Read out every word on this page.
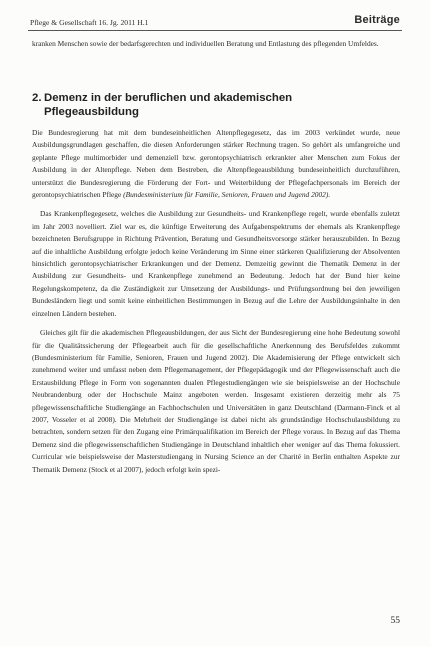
Pflege & Gesellschaft 16. Jg. 2011 H.1	Beiträge
kranken Menschen sowie der bedarfsgerechten und individuellen Beratung und Entlastung des pflegenden Umfeldes.
2. Demenz in der beruflichen und akademischen
Pflegeausbildung

Die Bundesregierung hat mit dem bundeseinheitlichen Altenpflegegesetz, das im 2003 verkündet wurde, neue Ausbildungsgrundlagen geschaffen, die diesen Anforderungen stärker Rechnung tragen. So gehört als umfangreiche und geplante Pflege multimorbider und demenziell bzw. gerontopsychiatrisch erkrankter alter Menschen zum Fokus der Ausbildung in der Altenpflege. Neben dem Bestreben, die Altenpflegeausbildung bundeseinheitlich durchzuführen, unterstützt die Bundesregierung die Förderung der Fort- und Weiterbildung der Pflegefachpersonals im Bereich der gerontopsychiatrischen Pflege (Bundesministerium für Familie, Senioren, Frauen und Jugend 2002).

Das Krankenpflegegesetz, welches die Ausbildung zur Gesundheits- und Krankenpflege regelt, wurde ebenfalls zuletzt im Jahr 2003 novelliert. Ziel war es, die künftige Erweiterung des Aufgabenspektrums der ehemals als Krankenpflege bezeichneten Berufsgruppe in Richtung Prävention, Beratung und Gesundheitsvorsorge stärker herauszubilden. In Bezug auf die inhaltliche Ausbildung erfolgte jedoch keine Veränderung im Sinne einer stärkeren Qualifizierung der Absolventen hinsichtlich gerontopsychiatrischer Erkrankungen und der Demenz. Demzeitig gewinnt die Thematik Demenz in der Ausbildung zur Gesundheits- und Krankenpflege zunehmend an Bedeutung. Jedoch hat der Bund hier keine Regelungskompetenz, da die Zuständigkeit zur Umsetzung der Ausbildungs- und Prüfungsordnung bei den jeweiligen Bundesländern liegt und somit keine einheitlichen Bestimmungen in Bezug auf die Lehre der Ausbildungsinhalte in den einzelnen Ländern bestehen.

Gleiches gilt für die akademischen Pflegeausbildungen, der aus Sicht der Bundesregierung eine hohe Bedeutung sowohl für die Qualitätssicherung der Pflegearbeit auch für die gesellschaftliche Anerkennung des Berufsfeldes zukommt (Bundesministerium für Familie, Senioren, Frauen und Jugend 2002). Die Akademisierung der Pflege entwickelt sich zunehmend weiter und umfasst neben dem Pflegemanagement, der Pflegepädagogik und der Pflegewissenschaft auch die Erstausbildung Pflege in Form von sogenannten dualen Pflegestudiengängen wie sie beispielsweise an der Hochschule Neubrandenburg oder der Hochschule Mainz angeboten werden. Insgesamt existieren derzeitig mehr als 75 pflegewissenschaftliche Studiengänge an Fachhochschulen und Universitäten in ganz Deutschland (Darmann-Finck et al 2007, Vosseler et al 2008). Die Mehrheit der Studiengänge ist dabei nicht als grundständige Hochschulausbildung zu betrachten, sondern setzen für den Zugang eine Primärqualifikation im Bereich der Pflege voraus. In Bezug auf das Thema Demenz sind die pflegewissenschaftlichen Studiengänge in Deutschland inhaltlich eher weniger auf das Thema fokussiert. Curricular wie beispielsweise der Masterstudiengang in Nursing Science an der Charité in Berlin enthalten Aspekte zur Thematik Demenz (Stock et al 2007), jedoch erfolgt kein spezi-

55
